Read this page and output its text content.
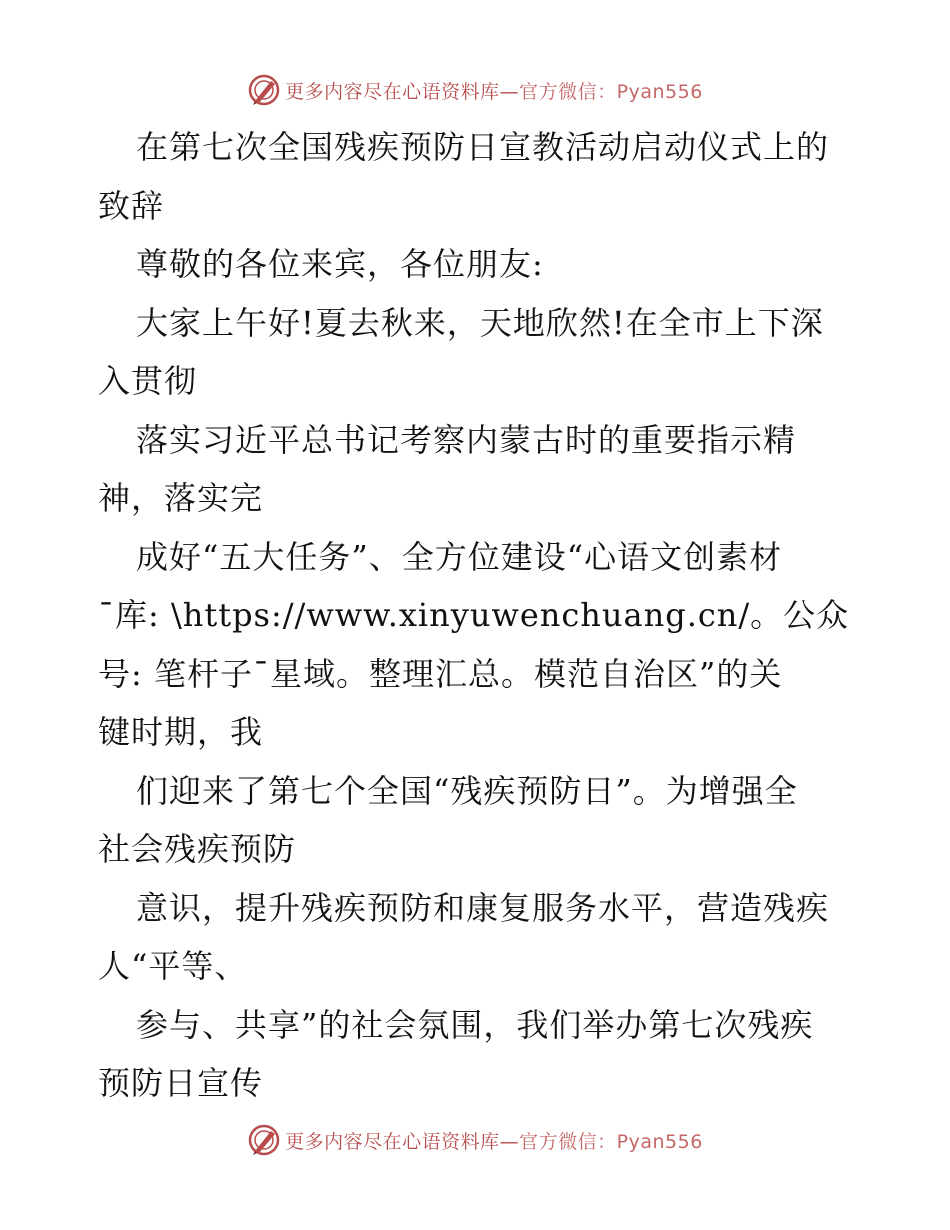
更多内容尽在心语资料库—官方微信：Pyan556
在第七次全国残疾预防日宣教活动启动仪式上的
致辞
尊敬的各位来宾，各位朋友:
大家上午好!夏去秋来，天地欣然!在全市上下深
入贯彻
落实习近平总书记考察内蒙古时的重要指示精
神，落实完
成好“五大任务”、全方位建设“心语文创素材
¯库: \https://www.xinyuwenchuang.cn/。公众
号: 笔杆子¯星域。整理汇总。模范自治区”的关
键时期，我
们迎来了第七个全国“残疾预防日”。为增强全
社会残疾预防
意识，提升残疾预防和康复服务水平，营造残疾
人“平等、
参与、共享”的社会氛围，我们举办第七次残疾
预防日宣传
更多内容尽在心语资料库—官方微信：Pyan556
